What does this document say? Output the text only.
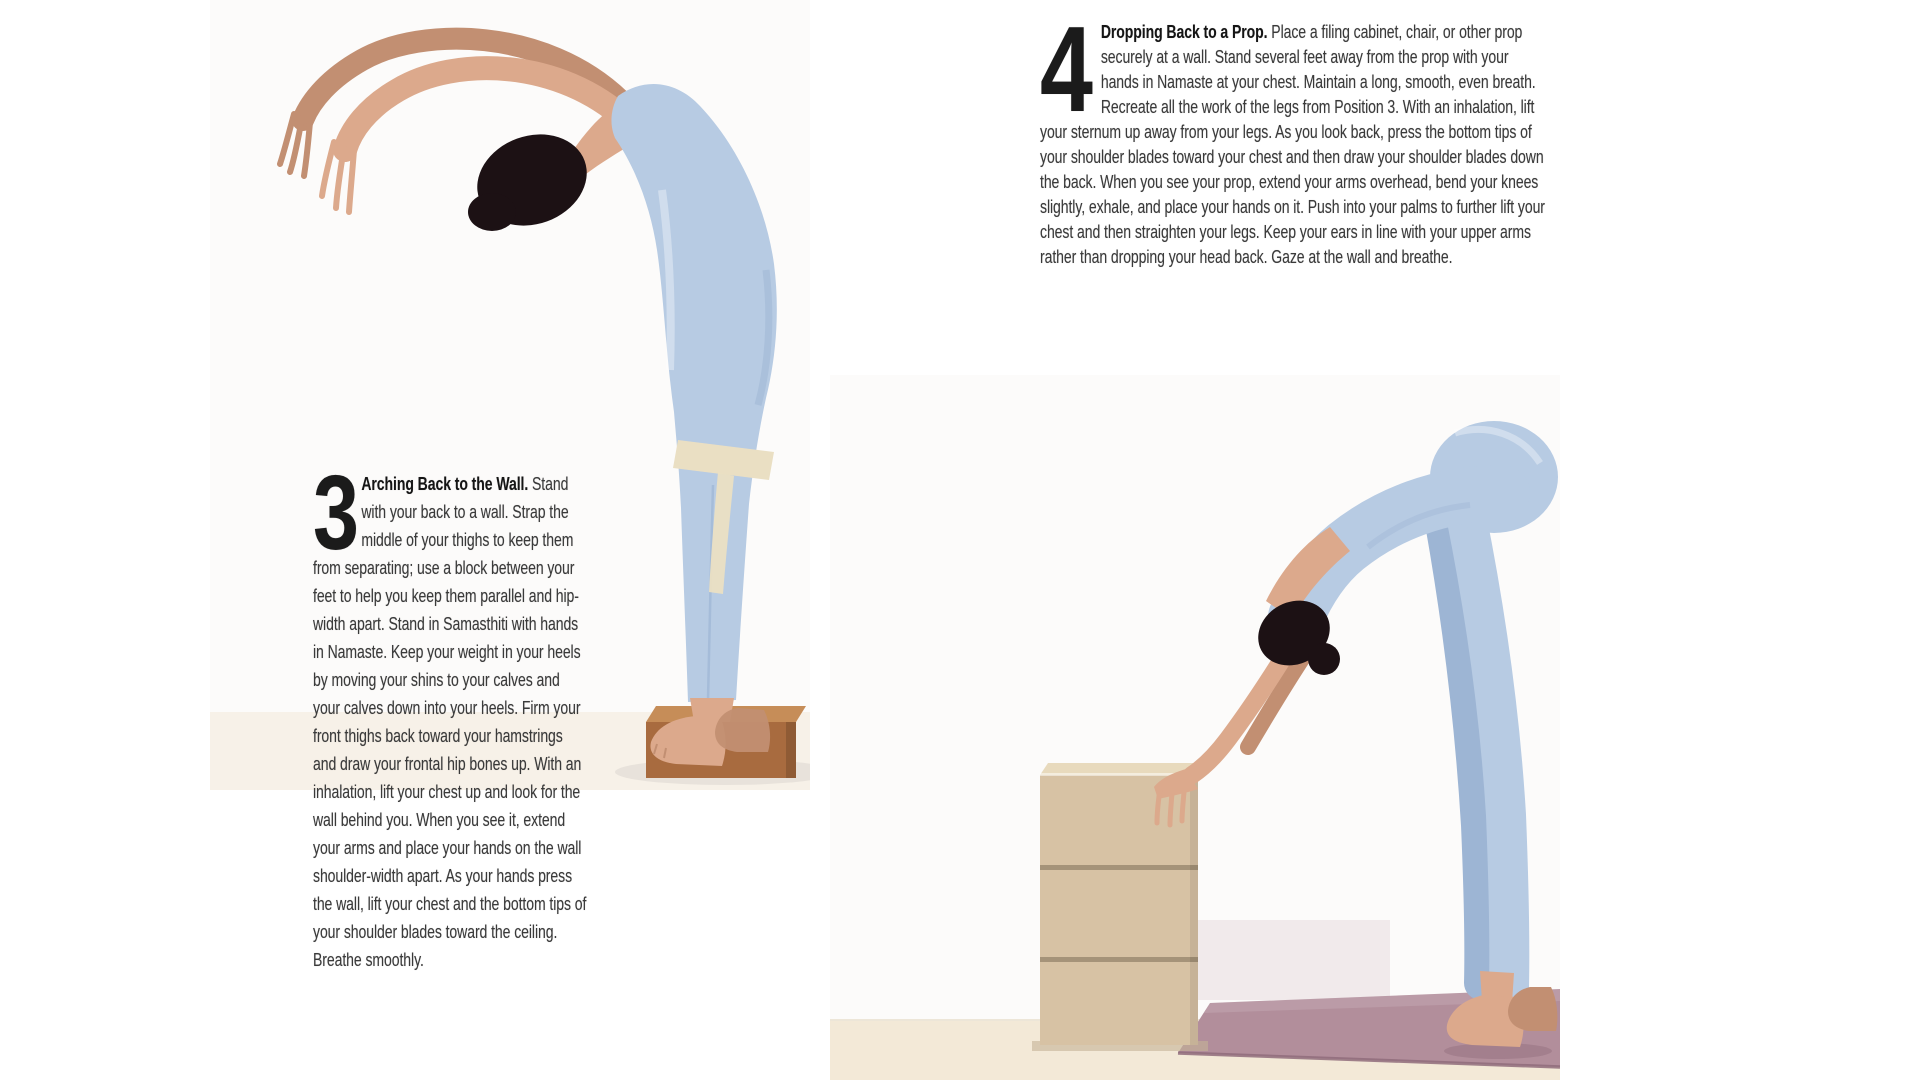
3 Arching Back to the Wall. Stand with your back to a wall. Strap the middle of your thighs to keep them from separating; use a block between your feet to help you keep them parallel and hip-width apart. Stand in Samasthiti with hands in Namaste. Keep your weight in your heels by moving your shins to your calves and your calves down into your heels. Firm your front thighs back toward your hamstrings and draw your frontal hip bones up. With an inhalation, lift your chest up and look for the wall behind you. When you see it, extend your arms and place your hands on the wall shoulder-width apart. As your hands press the wall, lift your chest and the bottom tips of your shoulder blades toward the ceiling. Breathe smoothly.

4 Dropping Back to a Prop. Place a filing cabinet, chair, or other prop securely at a wall. Stand several feet away from the prop with your hands in Namaste at your chest. Maintain a long, smooth, even breath. Recreate all the work of the legs from Position 3. With an inhalation, lift your sternum up away from your legs. As you look back, press the bottom tips of your shoulder blades toward your chest and then draw your shoulder blades down the back. When you see your prop, extend your arms overhead, bend your knees slightly, exhale, and place your hands on it. Push into your palms to further lift your chest and then straighten your legs. Keep your ears in line with your upper arms rather than dropping your head back. Gaze at the wall and breathe.
